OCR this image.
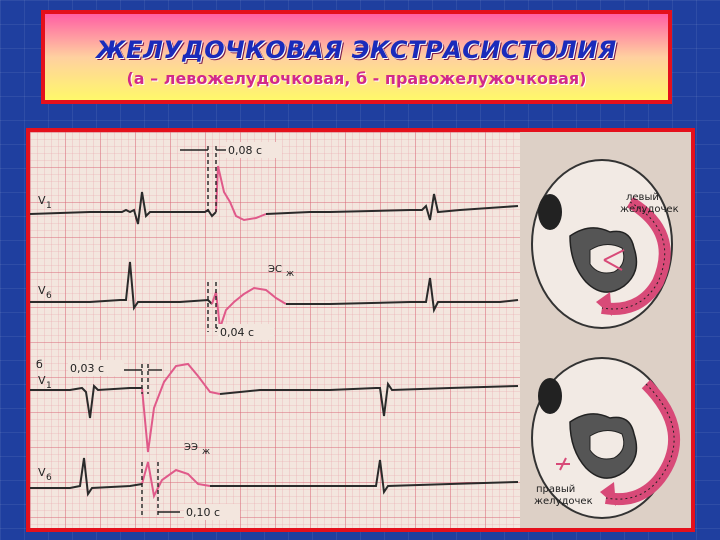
ЖЕЛУДОЧКОВАЯ ЭКСТРАСИСТОЛИЯ
(а – левожелудочковая, б - правожелужочковая)
0,08 с
0,04 с
ЭС ж
V 1
V 6
0,03 с
0,10 с
ЭЭ ж
б
V 1
V 6
левый
желудочек
правый
желудочек
